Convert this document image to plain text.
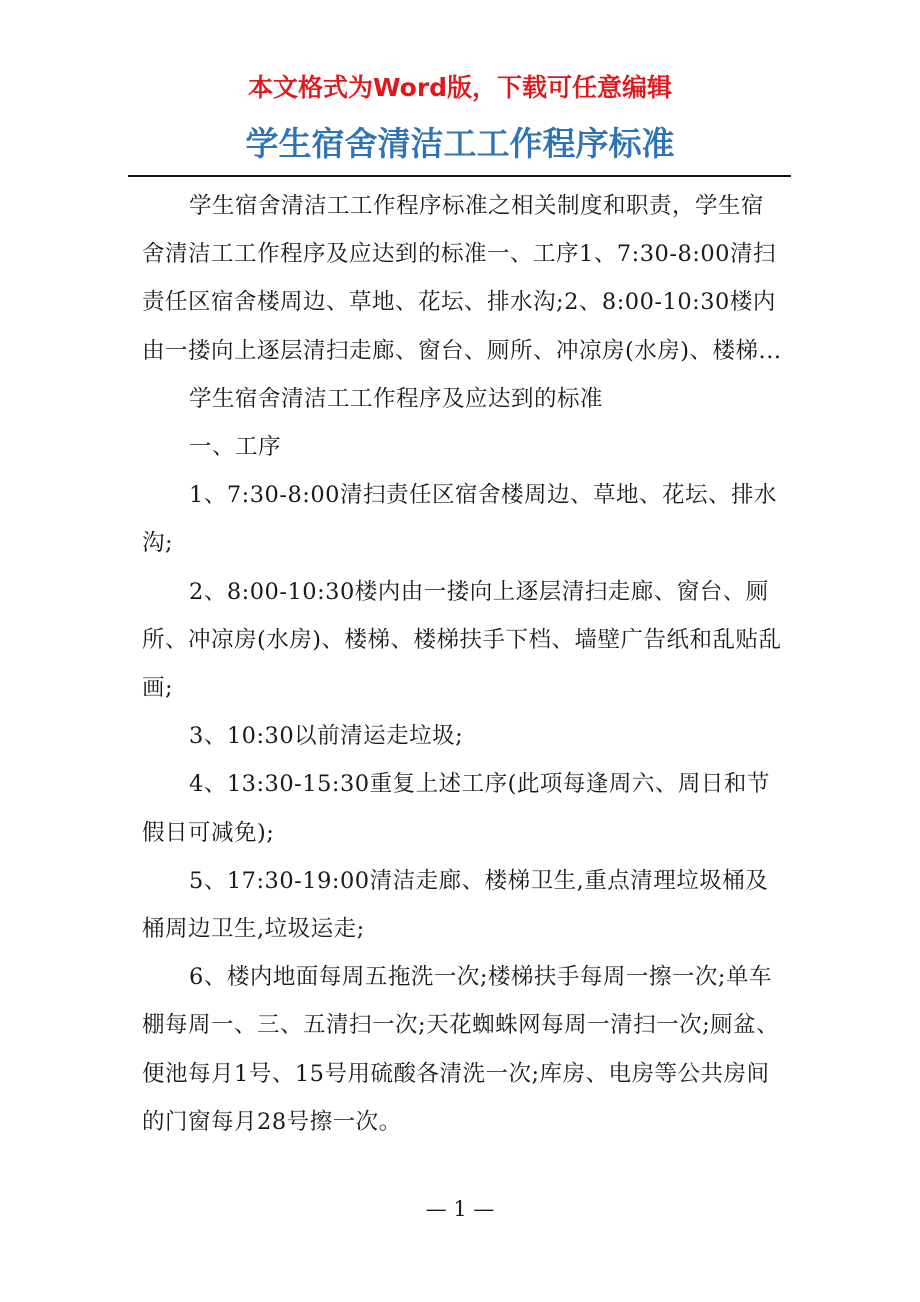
本文格式为Word版，下载可任意编辑
学生宿舍清洁工工作程序标准

学生宿舍清洁工工作程序标准之相关制度和职责，学生宿舍清洁工工作程序及应达到的标准一、工序1、7:30-8:00清扫责任区宿舍楼周边、草地、花坛、排水沟;2、8:00-10:30楼内由一搂向上逐层清扫走廊、窗台、厕所、冲凉房(水房)、楼梯...

学生宿舍清洁工工作程序及应达到的标准

一、工序

1、7:30-8:00清扫责任区宿舍楼周边、草地、花坛、排水沟;

2、8:00-10:30楼内由一搂向上逐层清扫走廊、窗台、厕所、冲凉房(水房)、楼梯、楼梯扶手下档、墙壁广告纸和乱贴乱画;

3、10:30以前清运走垃圾;

4、13:30-15:30重复上述工序(此项每逢周六、周日和节假日可减免);

5、17:30-19:00清洁走廊、楼梯卫生,重点清理垃圾桶及桶周边卫生,垃圾运走;

6、楼内地面每周五拖洗一次;楼梯扶手每周一擦一次;单车棚每周一、三、五清扫一次;天花蜘蛛网每周一清扫一次;厕盆、便池每月1号、15号用硫酸各清洗一次;库房、电房等公共房间的门窗每月28号擦一次。

— 1 —
